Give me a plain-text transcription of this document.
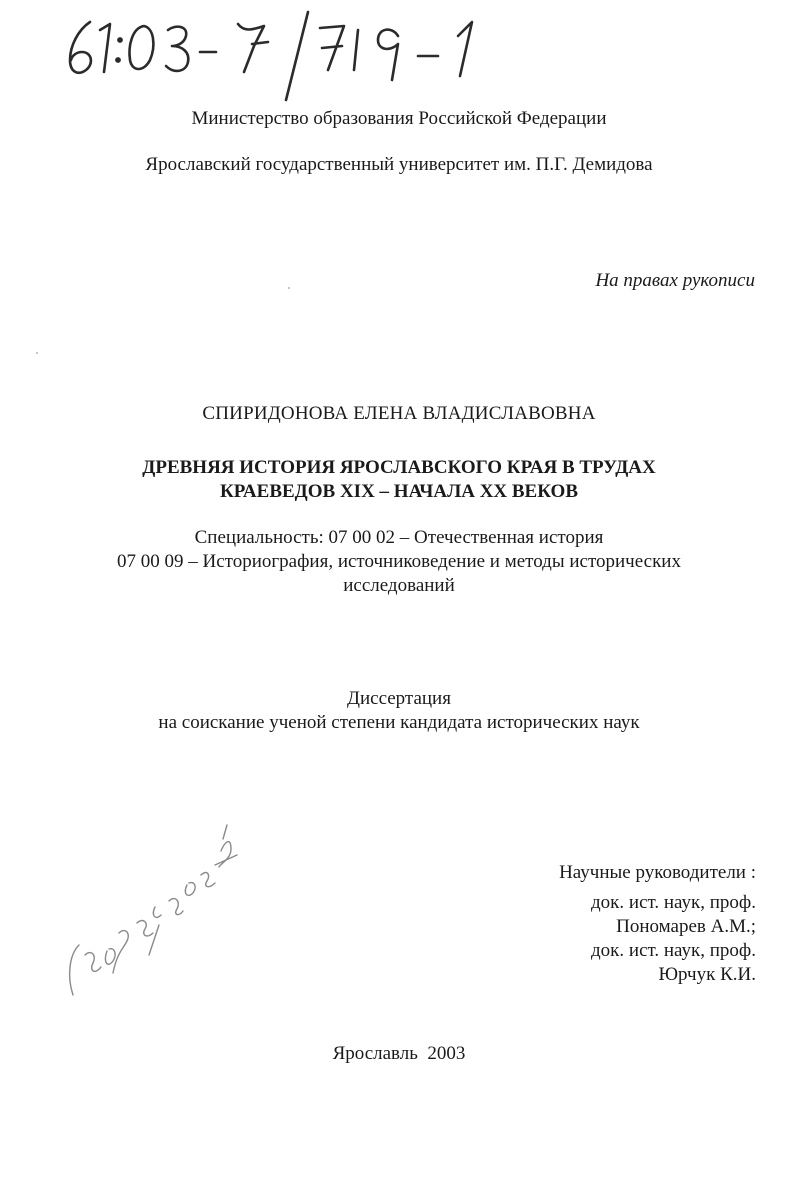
Министерство образования Российской Федерации
Ярославский государственный университет им. П.Г. Демидова
На правах рукописи
СПИРИДОНОВА ЕЛЕНА ВЛАДИСЛАВОВНА
ДРЕВНЯЯ ИСТОРИЯ ЯРОСЛАВСКОГО КРАЯ В ТРУДАХ
КРАЕВЕДОВ XIX – НАЧАЛА XX ВЕКОВ
Специальность: 07 00 02 – Отечественная история
07 00 09 – Историография, источниковедение и методы исторических
исследований
Диссертация
на соискание ученой степени кандидата исторических наук
Научные руководители :
док. ист. наук, проф.
Пономарев А.М.;
док. ист. наук, проф.
Юрчук К.И.
Ярославль  2003
